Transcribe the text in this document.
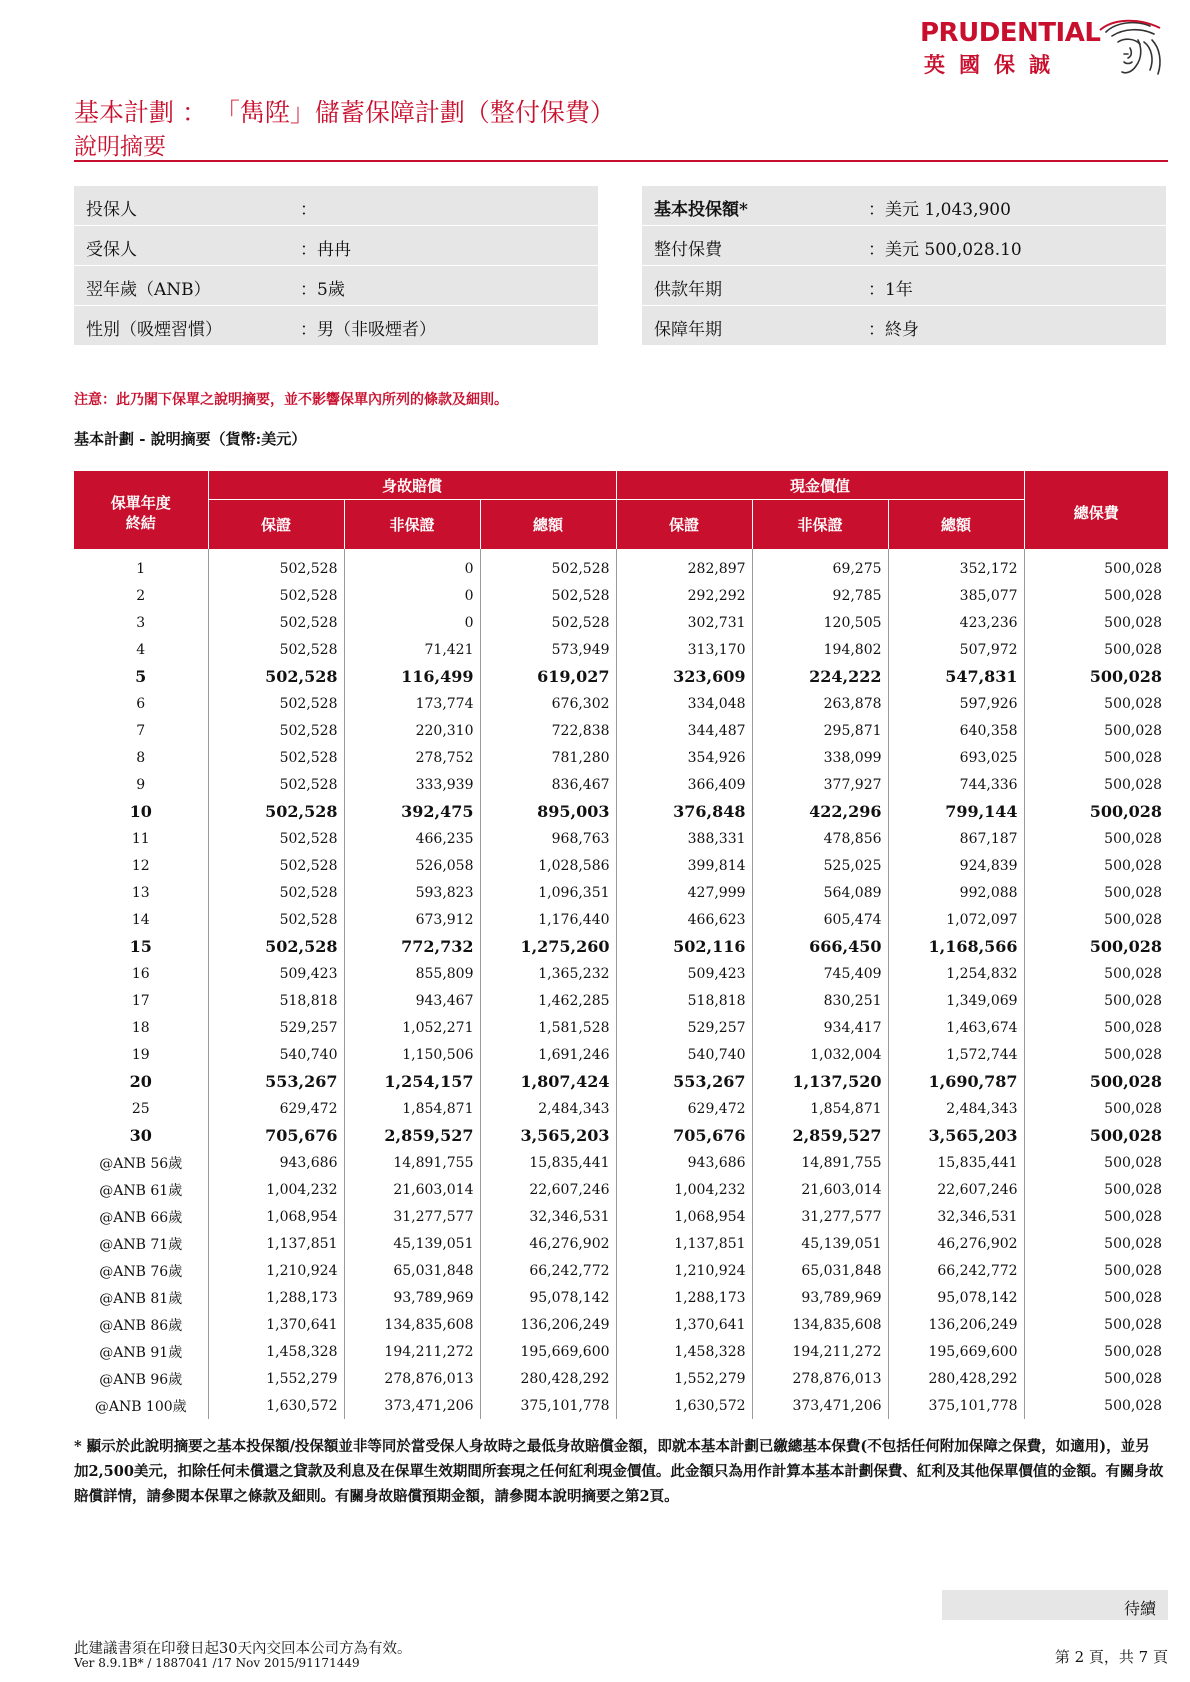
PRUDENTIAL
英國保誠
基本計劃 ： 「雋陞」儲蓄保障計劃（整付保費）
說明摘要
投保人	：
受保人	：冉冉
翌年歲（ANB）	：5歲
性別（吸煙習慣）	：男（非吸煙者）
基本投保額*	：美元 1,043,900
整付保費	：美元 500,028.10
供款年期	：1年
保障年期	：終身
注意：此乃閣下保單之說明摘要，並不影響保單內所列的條款及細則。
基本計劃 - 說明摘要（貨幣:美元）
保單年度
終結	身故賠償			現金價值			總保費
	保證	非保證	總額	保證	非保證	總額	
1	502,528	0	502,528	282,897	69,275	352,172	500,028
2	502,528	0	502,528	292,292	92,785	385,077	500,028
3	502,528	0	502,528	302,731	120,505	423,236	500,028
4	502,528	71,421	573,949	313,170	194,802	507,972	500,028
5	502,528	116,499	619,027	323,609	224,222	547,831	500,028
6	502,528	173,774	676,302	334,048	263,878	597,926	500,028
7	502,528	220,310	722,838	344,487	295,871	640,358	500,028
8	502,528	278,752	781,280	354,926	338,099	693,025	500,028
9	502,528	333,939	836,467	366,409	377,927	744,336	500,028
10	502,528	392,475	895,003	376,848	422,296	799,144	500,028
11	502,528	466,235	968,763	388,331	478,856	867,187	500,028
12	502,528	526,058	1,028,586	399,814	525,025	924,839	500,028
13	502,528	593,823	1,096,351	427,999	564,089	992,088	500,028
14	502,528	673,912	1,176,440	466,623	605,474	1,072,097	500,028
15	502,528	772,732	1,275,260	502,116	666,450	1,168,566	500,028
16	509,423	855,809	1,365,232	509,423	745,409	1,254,832	500,028
17	518,818	943,467	1,462,285	518,818	830,251	1,349,069	500,028
18	529,257	1,052,271	1,581,528	529,257	934,417	1,463,674	500,028
19	540,740	1,150,506	1,691,246	540,740	1,032,004	1,572,744	500,028
20	553,267	1,254,157	1,807,424	553,267	1,137,520	1,690,787	500,028
25	629,472	1,854,871	2,484,343	629,472	1,854,871	2,484,343	500,028
30	705,676	2,859,527	3,565,203	705,676	2,859,527	3,565,203	500,028
@ANB 56歲	943,686	14,891,755	15,835,441	943,686	14,891,755	15,835,441	500,028
@ANB 61歲	1,004,232	21,603,014	22,607,246	1,004,232	21,603,014	22,607,246	500,028
@ANB 66歲	1,068,954	31,277,577	32,346,531	1,068,954	31,277,577	32,346,531	500,028
@ANB 71歲	1,137,851	45,139,051	46,276,902	1,137,851	45,139,051	46,276,902	500,028
@ANB 76歲	1,210,924	65,031,848	66,242,772	1,210,924	65,031,848	66,242,772	500,028
@ANB 81歲	1,288,173	93,789,969	95,078,142	1,288,173	93,789,969	95,078,142	500,028
@ANB 86歲	1,370,641	134,835,608	136,206,249	1,370,641	134,835,608	136,206,249	500,028
@ANB 91歲	1,458,328	194,211,272	195,669,600	1,458,328	194,211,272	195,669,600	500,028
@ANB 96歲	1,552,279	278,876,013	280,428,292	1,552,279	278,876,013	280,428,292	500,028
@ANB 100歲	1,630,572	373,471,206	375,101,778	1,630,572	373,471,206	375,101,778	500,028
* 顯示於此說明摘要之基本投保額/投保額並非等同於當受保人身故時之最低身故賠償金額，即就本基本計劃已繳總基本保費(不包括任何附加保障之保費，如適用)，並另加2,500美元，扣除任何未償還之貸款及利息及在保單生效期間所套現之任何紅利現金價值。此金額只為用作計算本基本計劃保費、紅利及其他保單價值的金額。有關身故賠償詳情，請參閱本保單之條款及細則。有關身故賠償預期金額，請參閱本說明摘要之第2頁。
待續
此建議書須在印發日起30天內交回本公司方為有效。
Ver 8.9.1B* / 1887041 /17 Nov 2015/91171449	第 2 頁，共 7 頁
